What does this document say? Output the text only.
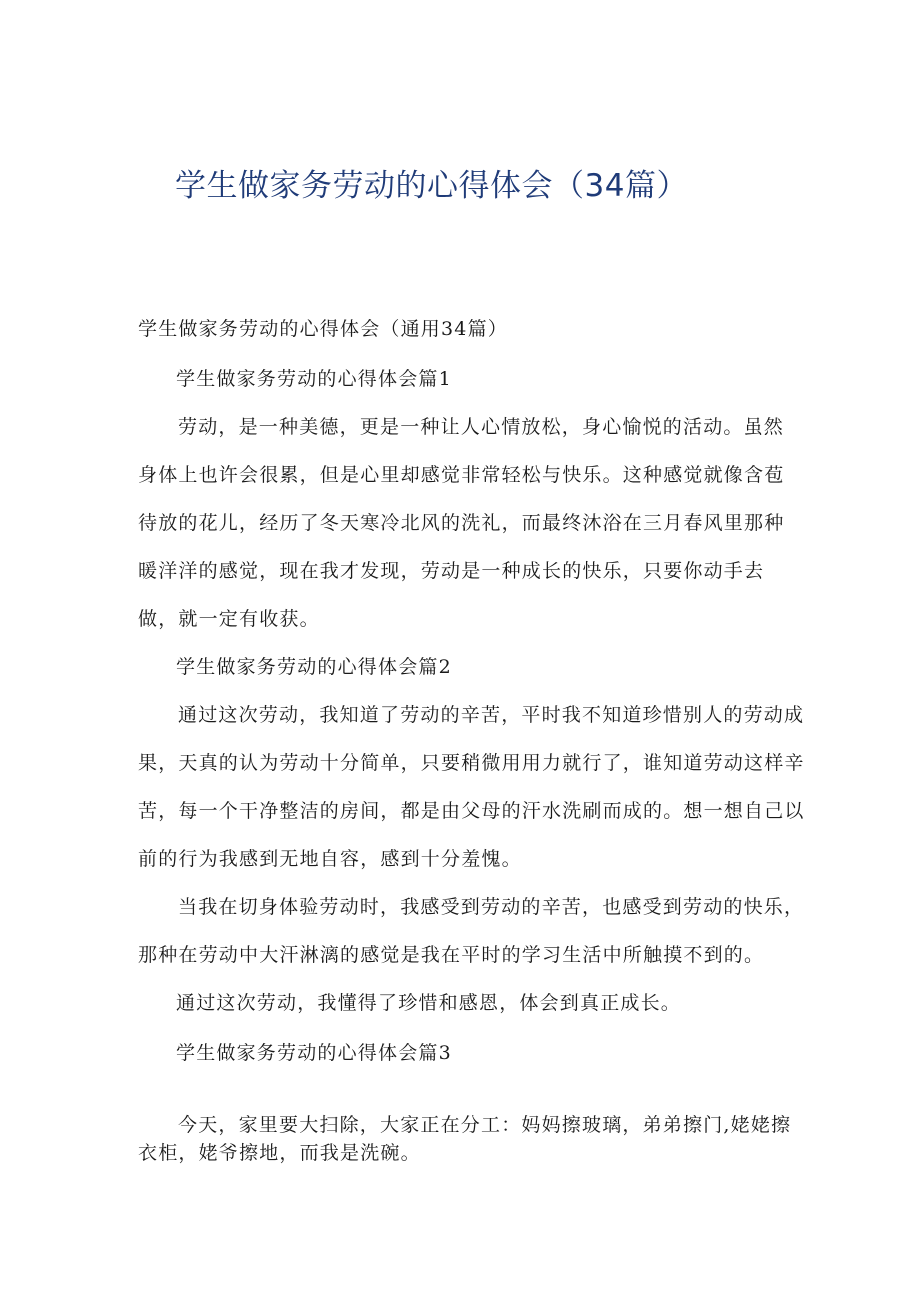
学生做家务劳动的心得体会（34篇）
学生做家务劳动的心得体会（通用34篇）
学生做家务劳动的心得体会篇1
劳动，是一种美德，更是一种让人心情放松，身心愉悦的活动。虽然
身体上也许会很累，但是心里却感觉非常轻松与快乐。这种感觉就像含苞
待放的花儿，经历了冬天寒冷北风的洗礼，而最终沐浴在三月春风里那种
暖洋洋的感觉，现在我才发现，劳动是一种成长的快乐，只要你动手去
做，就一定有收获。
学生做家务劳动的心得体会篇2
通过这次劳动，我知道了劳动的辛苦，平时我不知道珍惜别人的劳动成
果，天真的认为劳动十分简单，只要稍微用用力就行了，谁知道劳动这样辛
苦，每一个干净整洁的房间，都是由父母的汗水洗刷而成的。想一想自己以
前的行为我感到无地自容，感到十分羞愧。
当我在切身体验劳动时，我感受到劳动的辛苦，也感受到劳动的快乐，
那种在劳动中大汗淋漓的感觉是我在平时的学习生活中所触摸不到的。
通过这次劳动，我懂得了珍惜和感恩，体会到真正成长。
学生做家务劳动的心得体会篇3
今天，家里要大扫除，大家正在分工：妈妈擦玻璃，弟弟擦门,姥姥擦
衣柜，姥爷擦地，而我是洗碗。
